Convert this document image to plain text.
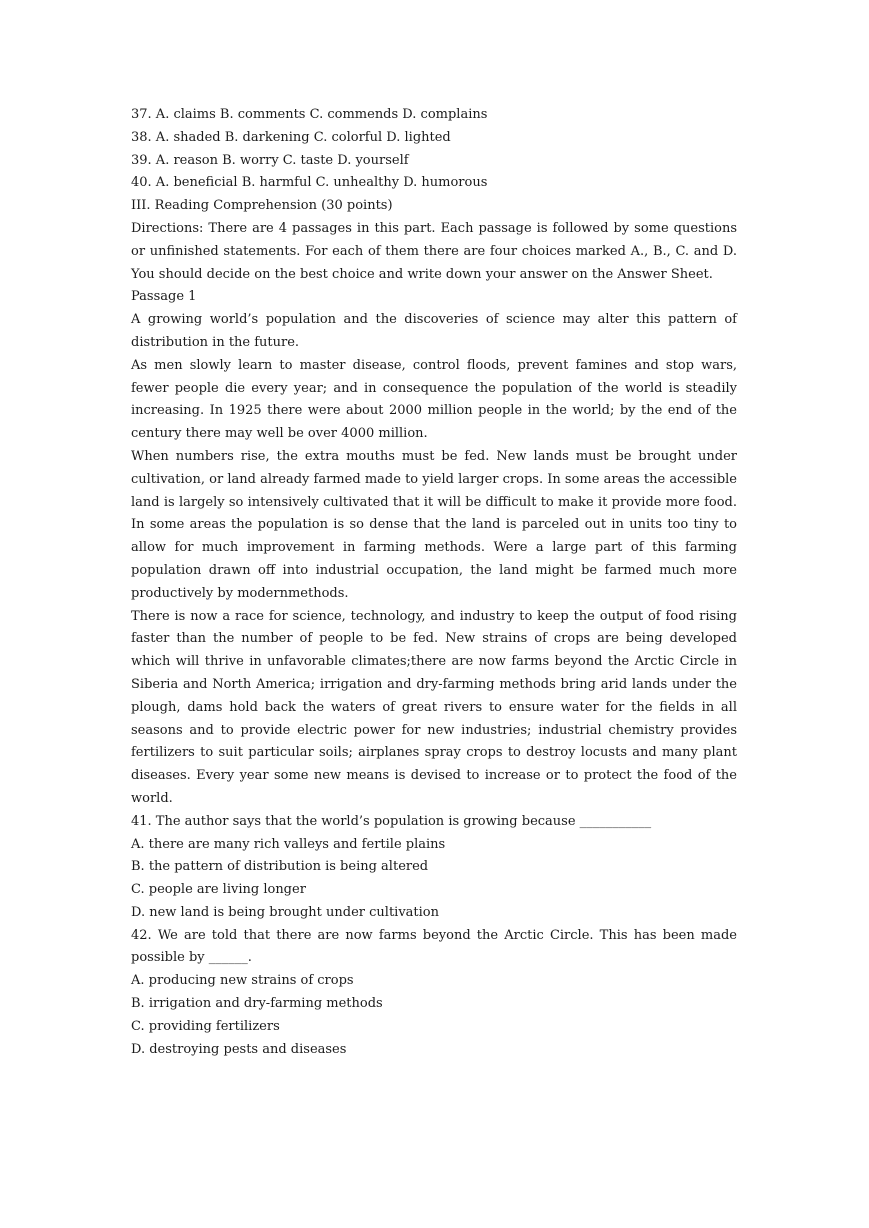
37. A. claims B. comments C. commends D. complains

38. A. shaded B. darkening C. colorful D. lighted

39. A. reason B. worry C. taste D. yourself

40. A. beneficial B. harmful C. unhealthy D. humorous

III. Reading Comprehension (30 points)

Directions: There are 4 passages in this part. Each passage is followed by some questions or unfinished statements. For each of them there are four choices marked A., B., C. and D. You should decide on the best choice and write down your answer on the Answer Sheet.

Passage 1

A growing world’s population and the discoveries of science may alter this pattern of distribution in the future.

As men slowly learn to master disease, control floods, prevent famines and stop wars, fewer people die every year; and in consequence the population of the world is steadily increasing. In 1925 there were about 2000 million people in the world; by the end of the century there may well be over 4000 million.

When numbers rise, the extra mouths must be fed. New lands must be brought under cultivation, or land already farmed made to yield larger crops. In some areas the accessible land is largely so intensively cultivated that it will be difficult to make it provide more food. In some areas the population is so dense that the land is parceled out in units too tiny to allow for much improvement in farming methods. Were a large part of this farming population drawn off into industrial occupation, the land might be farmed much more productively by modernmethods.

There is now a race for science, technology, and industry to keep the output of food rising faster than the number of people to be fed. New strains of crops are being developed which will thrive in unfavorable climates;there are now farms beyond the Arctic Circle in Siberia and North America; irrigation and dry-farming methods bring arid lands under the plough, dams hold back the waters of great rivers to ensure water for the fields in all seasons and to provide electric power for new industries; industrial chemistry provides fertilizers to suit particular soils; airplanes spray crops to destroy locusts and many plant diseases. Every year some new means is devised to increase or to protect the food of the world.

41. The author says that the world’s population is growing because ___________

A. there are many rich valleys and fertile plains

B. the pattern of distribution is being altered

C. people are living longer

D. new land is being brought under cultivation

42. We are told that there are now farms beyond the Arctic Circle. This has been made possible by ______.

A. producing new strains of crops

B. irrigation and dry-farming methods

C. providing fertilizers

D. destroying pests and diseases
